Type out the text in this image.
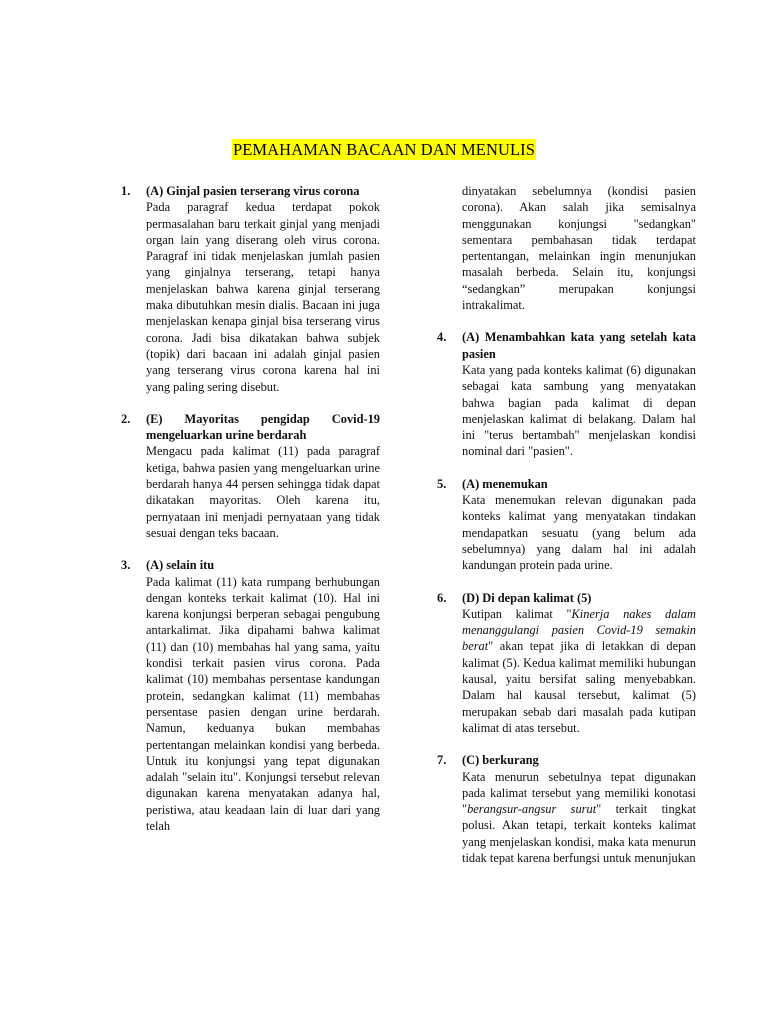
PEMAHAMAN BACAAN DAN MENULIS
1. (A) Ginjal pasien terserang virus corona
Pada paragraf kedua terdapat pokok permasalahan baru terkait ginjal yang menjadi organ lain yang diserang oleh virus corona. Paragraf ini tidak menjelaskan jumlah pasien yang ginjalnya terserang, tetapi hanya menjelaskan bahwa karena ginjal terserang maka dibutuhkan mesin dialis. Bacaan ini juga menjelaskan kenapa ginjal bisa terserang virus corona. Jadi bisa dikatakan bahwa subjek (topik) dari bacaan ini adalah ginjal pasien yang terserang virus corona karena hal ini yang paling sering disebut.
2. (E) Mayoritas pengidap Covid-19 mengeluarkan urine berdarah
Mengacu pada kalimat (11) pada paragraf ketiga, bahwa pasien yang mengeluarkan urine berdarah hanya 44 persen sehingga tidak dapat dikatakan mayoritas. Oleh karena itu, pernyataan ini menjadi pernyataan yang tidak sesuai dengan teks bacaan.
3. (A) selain itu
Pada kalimat (11) kata rumpang berhubungan dengan konteks terkait kalimat (10). Hal ini karena konjungsi berperan sebagai pengubung antarkalimat. Jika dipahami bahwa kalimat (11) dan (10) membahas hal yang sama, yaitu kondisi terkait pasien virus corona. Pada kalimat (10) membahas persentase kandungan protein, sedangkan kalimat (11) membahas persentase pasien dengan urine berdarah. Namun, keduanya bukan membahas pertentangan melainkan kondisi yang berbeda. Untuk itu konjungsi yang tepat digunakan adalah "selain itu". Konjungsi tersebut relevan digunakan karena menyatakan adanya hal, peristiwa, atau keadaan lain di luar dari yang telah
dinyatakan sebelumnya (kondisi pasien corona). Akan salah jika semisalnya menggunakan konjungsi "sedangkan" sementara pembahasan tidak terdapat pertentangan, melainkan ingin menunjukan masalah berbeda. Selain itu, konjungsi “sedangkan” merupakan konjungsi intrakalimat.
4. (A) Menambahkan kata yang setelah kata pasien
Kata yang pada konteks kalimat (6) digunakan sebagai kata sambung yang menyatakan bahwa bagian pada kalimat di depan menjelaskan kalimat di belakang. Dalam hal ini "terus bertambah" menjelaskan kondisi nominal dari "pasien".
5. (A) menemukan
Kata menemukan relevan digunakan pada konteks kalimat yang menyatakan tindakan mendapatkan sesuatu (yang belum ada sebelumnya) yang dalam hal ini adalah kandungan protein pada urine.
6. (D) Di depan kalimat (5)
Kutipan kalimat "Kinerja nakes dalam menanggulangi pasien Covid-19 semakin berat" akan tepat jika di letakkan di depan kalimat (5). Kedua kalimat memiliki hubungan kausal, yaitu bersifat saling menyebabkan. Dalam hal kausal tersebut, kalimat (5) merupakan sebab dari masalah pada kutipan kalimat di atas tersebut.
7. (C) berkurang
Kata menurun sebetulnya tepat digunakan pada kalimat tersebut yang memiliki konotasi "berangsur-angsur surut" terkait tingkat polusi. Akan tetapi, terkait konteks kalimat yang menjelaskan kondisi, maka kata menurun tidak tepat karena berfungsi untuk menunjukan
